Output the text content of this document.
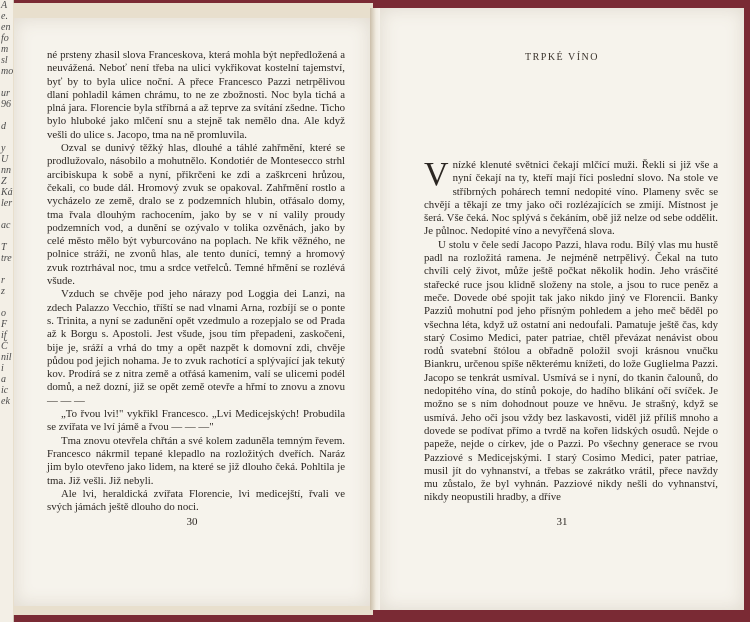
A
e.
en
fo
m
sl
mo

ur
96

d

y
U
nn
Z
Ká
ler

ac

T
tre

r
z

o
F
if
Č
nil
i
a
ic
ek

né prsteny zhasil slova Franceskova, která mohla být nepředložená a neuvážená. Neboť není třeba na ulici vykřikovat kostelní tajemství, byť by to byla ulice noční. A přece Francesco Pazzi netrpělivou dlaní pohladil kámen chrámu, to ne ze zbožnosti. Noc byla tichá a plná jara. Florencie byla stříbrná a až teprve za svítání zšedne. Ticho bylo hluboké jako mlčení snu a stejně tak nemělo dna. Ale když vešli do ulice s. Jacopo, tma na ně promluvila.

Ozval se dunivý těžký hlas, dlouhé a táhlé zahřmění, které se prodlužovalo, násobilo a mohutnělo. Kondotiér de Montesecco strhl arcibiskupa k sobě a nyní, přikrčeni ke zdi a zaškrceni hrůzou, čekali, co bude dál. Hromový zvuk se opakoval. Zahřmění rostlo a vycházelo ze země, dralo se z podzemních hlubin, otřásalo domy, tma řvala dlouhým rachocením, jako by se v ní valily proudy podzemních vod, a dunění se ozývalo v tolika ozvěnách, jako by celé město mělo být vyburcováno na poplach. Ne křik věžného, ne polnice stráží, ne zvonů hlas, ale tento dunící, temný a hromový zvuk roztrhával noc, tmu a srdce vetřelců. Temné hřmění se rozlévá všude.

Vzduch se chvěje pod jeho nárazy pod Loggia dei Lanzi, na zdech Palazzo Vecchio, tříští se nad vlnami Arna, rozbíjí se o ponte s. Trinita, a nyní se zadunění opět vzedmulo a rozepjalo se od Prada až k Borgu s. Apostoli. Jest všude, jsou tím přepadeni, zaskočeni, bije je, sráží a vrhá do tmy a opět nazpět k domovní zdi, chvěje půdou pod jejich nohama. Je to zvuk rachotící a splývající jak tekutý koν. Prodírá se z nitra země a otřásá kamenim, valí se ulicemi podél domů, a než dozní, již se opět země otevře a hřmí to znovu a znovu — — —

„To řvou lvi!" vykřikl Francesco. „Lvi Medicejských! Probudila se zvířata ve lví jámě a řvou — — —"

Tma znovu otevřela chřtán a své kolem zaduněla temným řevem. Francesco nákrmil tepané klepadlo na rozložitých dveřích. Naráz jim bylo otevřeno jako lidem, na které se již dlouho čeká. Pohltila je tma. Již vešli. Již nebyli.

Ale lvi, heraldická zvířata Florencie, lvi medicejští, řvali ve svých jámách ještě dlouho do noci.

30
TRPKÉ VÍNO

Vnízké klenuté světnici čekají mlčící muži. Řekli si již vše a nyní čekají na ty, kteří mají říci poslední slovo. Na stole ve stříbrných pohárech temní nedopité víno. Plameny svěc se chvějí a těkají ze tmy jako oči rozlézajících se zmijí. Místnost je šerá. Vše čeká. Noc splývá s čekáním, obě již nelze od sebe oddělit. Je půlnoc. Nedopité víno a nevyřčená slova.

U stolu v čele sedí Jacopo Pazzi, hlava rodu. Bílý vlas mu hustě padl na rozložitá ramena. Je nejméně netrpělivý. Čekal na tuto chvíli celý život, může ještě počkat několik hodin. Jeho vrásčité stařecké ruce jsou klidně složeny na stole, a jsou to ruce peněz a meče. Dovede obé spojit tak jako nikdo jiný ve Florencii. Banky Pazziů mohutní pod jeho přísným pohledem a jeho meč běděl po všechna léta, když už ostatní ani nedoufali. Pamatuje ještě čas, kdy starý Cosimo Medici, pater patriae, chtěl převázat nenávist obou rodů svatební štólou a obřadně položil svoji krásnou vnučku Biankru, určenou spíše některému knížeti, do lože Guglielma Pazzi. Jacopo se tenkrát usmíval. Usmívá se i nyní, do tkanin čalounů, do nedopitého vína, do stínů pokoje, do hadího blikání očí svíček. Je možno se s ním dohodnout pouze ve hněvu. Je strašný, když se usmívá. Jeho oči jsou vždy bez laskavosti, viděl již příliš mnoho a dovede se podívat přímo a tvrdě na kořen lidských osudů. Nejde o papeže, nejde o církev, jde o Pazzi. Po všechny generace se rvou Pazziové s Medicejskými. I starý Cosimo Medici, pater patriae, musil jít do vyhnanství, a třebas se zakrátko vrátil, přece navždy mu zůstalo, že byl vyhnán. Pazziové nikdy nešli do vyhnanství, nikdy neopustili hradby, a dříve

31
